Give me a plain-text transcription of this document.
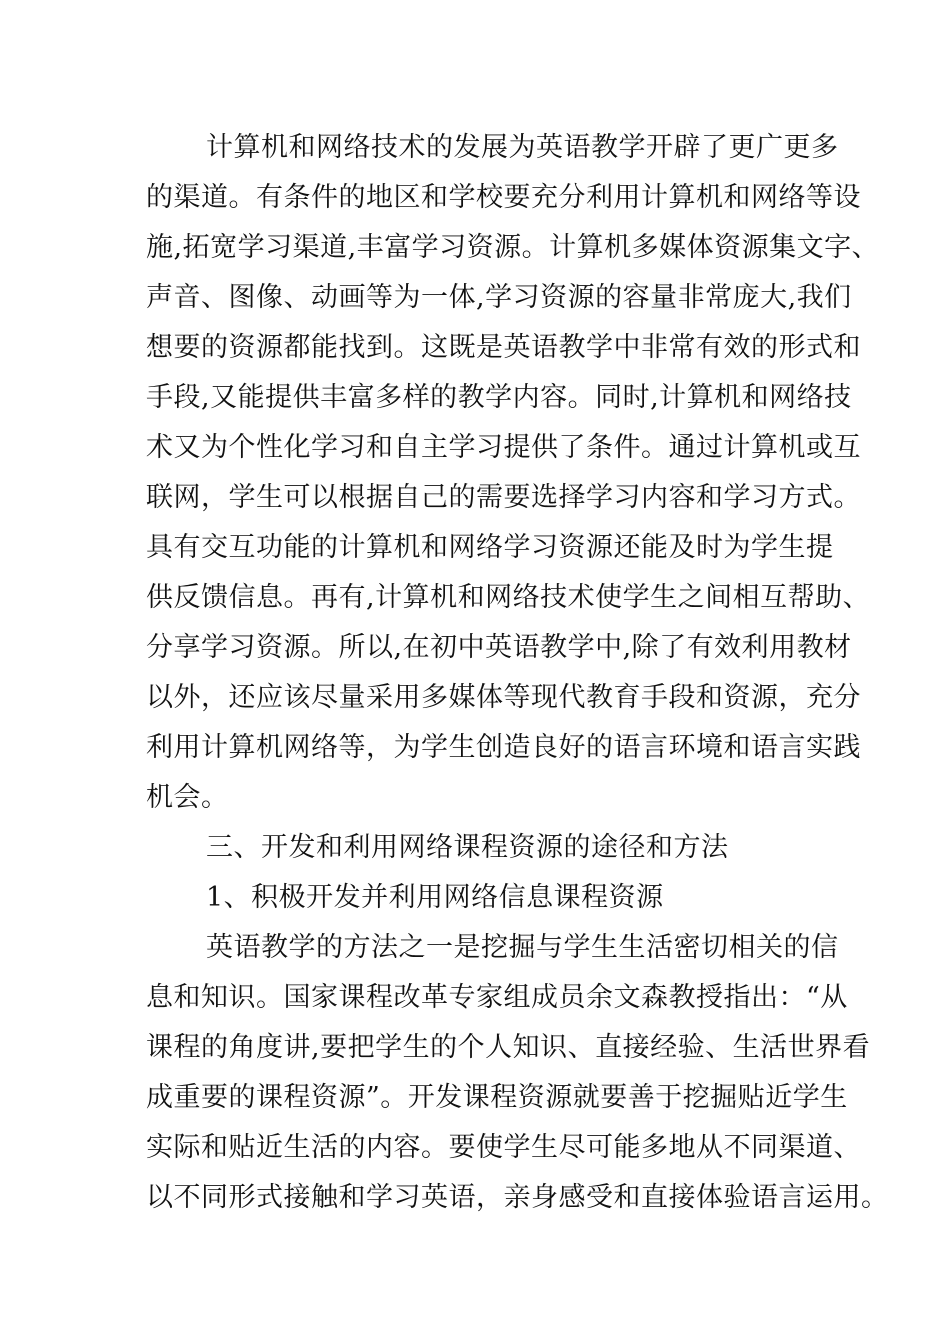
计算机和网络技术的发展为英语教学开辟了更广更多
的渠道。有条件的地区和学校要充分利用计算机和网络等设
施,拓宽学习渠道,丰富学习资源。计算机多媒体资源集文字、
声音、图像、动画等为一体,学习资源的容量非常庞大,我们
想要的资源都能找到。这既是英语教学中非常有效的形式和
手段,又能提供丰富多样的教学内容。同时,计算机和网络技
术又为个性化学习和自主学习提供了条件。通过计算机或互
联网，学生可以根据自己的需要选择学习内容和学习方式。
具有交互功能的计算机和网络学习资源还能及时为学生提
供反馈信息。再有,计算机和网络技术使学生之间相互帮助、
分享学习资源。所以,在初中英语教学中,除了有效利用教材
以外，还应该尽量采用多媒体等现代教育手段和资源，充分
利用计算机网络等，为学生创造良好的语言环境和语言实践
机会。
三、开发和利用网络课程资源的途径和方法
1、积极开发并利用网络信息课程资源
英语教学的方法之一是挖掘与学生生活密切相关的信
息和知识。国家课程改革专家组成员余文森教授指出：“从
课程的角度讲,要把学生的个人知识、直接经验、生活世界看
成重要的课程资源”。开发课程资源就要善于挖掘贴近学生
实际和贴近生活的内容。要使学生尽可能多地从不同渠道、
以不同形式接触和学习英语，亲身感受和直接体验语言运用。
